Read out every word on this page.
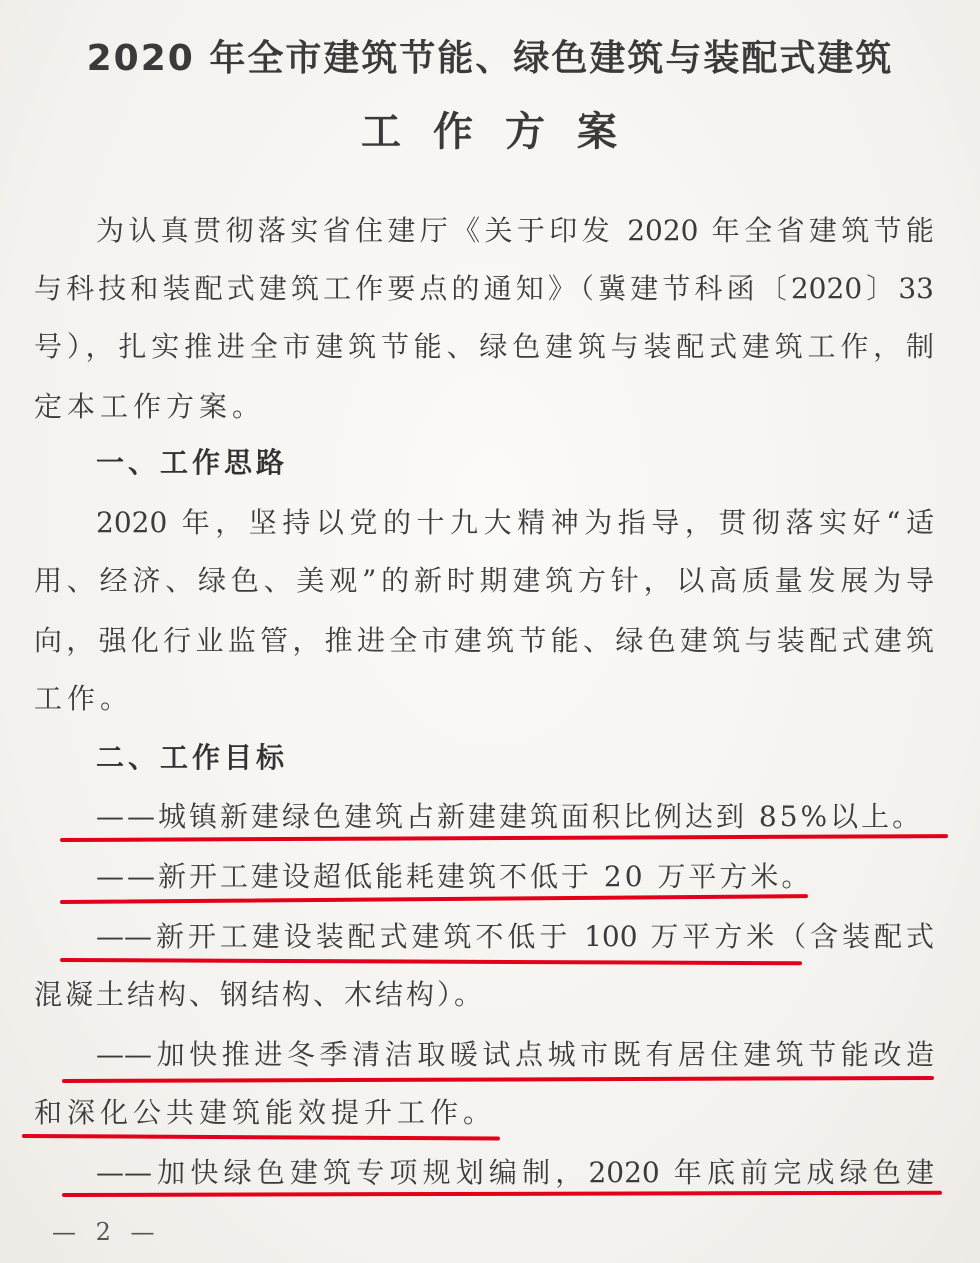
2020 年全市建筑节能、绿色建筑与装配式建筑
工作方案
为认真贯彻落实省住建厅《关于印发 2020 年全省建筑节能
与科技和装配式建筑工作要点的通知》（冀建节科函〔2020〕33
号），扎实推进全市建筑节能、绿色建筑与装配式建筑工作，制
定本工作方案。
一、工作思路
2020 年，坚持以党的十九大精神为指导，贯彻落实好“适
用、经济、绿色、美观”的新时期建筑方针，以高质量发展为导
向，强化行业监管，推进全市建筑节能、绿色建筑与装配式建筑
工作。
二、工作目标
——城镇新建绿色建筑占新建建筑面积比例达到 85%以上。
——新开工建设超低能耗建筑不低于 20 万平方米。
——新开工建设装配式建筑不低于 100 万平方米（含装配式
混凝土结构、钢结构、木结构）。
——加快推进冬季清洁取暖试点城市既有居住建筑节能改造
和深化公共建筑能效提升工作。
——加快绿色建筑专项规划编制，2020 年底前完成绿色建
— 2 —
